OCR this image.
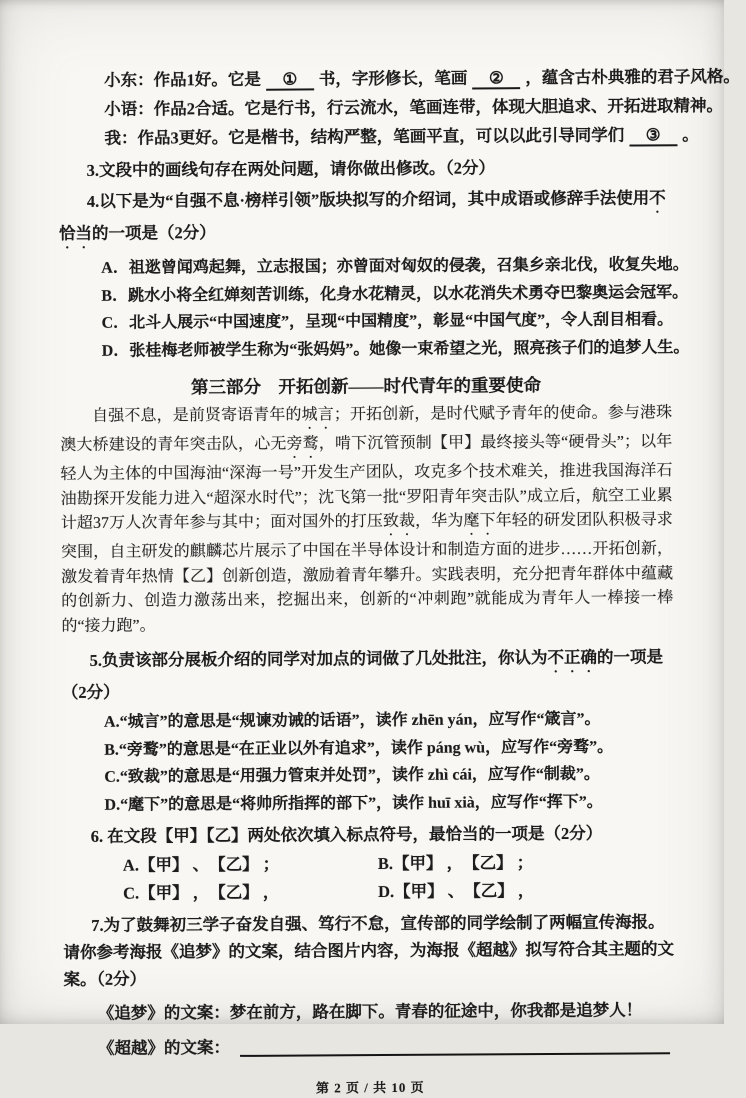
小东：作品1好。它是 ① 书，字形修长，笔画 ② ，蕴含古朴典雅的君子风格。
小语：作品2合适。它是行书，行云流水，笔画连带，体现大胆追求、开拓进取精神。
我：作品3更好。它是楷书，结构严整，笔画平直，可以以此引导同学们 ③ 。

3.文段中的画线句存在两处问题，请你做出修改。（2分）

4.以下是为“自强不息·榜样引领”版块拟写的介绍词，其中成语或修辞手法使用不恰当的一项是（2分）

A．祖逖曾闻鸡起舞，立志报国；亦曾面对匈奴的侵袭，召集乡亲北伐，收复失地。
B．跳水小将全红婵刻苦训练，化身水花精灵，以水花消失术勇夺巴黎奥运会冠军。
C．北斗人展示“中国速度”，呈现“中国精度”，彰显“中国气度”，令人刮目相看。
D．张桂梅老师被学生称为“张妈妈”。她像一束希望之光，照亮孩子们的追梦人生。
第三部分　开拓创新——时代青年的重要使命

自强不息，是前贤寄语青年的城言；开拓创新，是时代赋予青年的使命。参与港珠澳大桥建设的青年突击队，心无旁鹜，啃下沉管预制【甲】最终接头等“硬骨头”；以年轻人为主体的中国海油“深海一号”开发生产团队，攻克多个技术难关，推进我国海洋石油勘探开发能力进入“超深水时代”；沈飞第一批“罗阳青年突击队”成立后，航空工业累计超37万人次青年参与其中；面对国外的打压致裁，华为麾下年轻的研发团队积极寻求突围，自主研发的麒麟芯片展示了中国在半导体设计和制造方面的进步……开拓创新，激发着青年热情【乙】创新创造，激励着青年攀升。实践表明，充分把青年群体中蕴藏的创新力、创造力激荡出来，挖掘出来，创新的“冲刺跑”就能成为青年人一棒接一棒的“接力跑”。

5.负责该部分展板介绍的同学对加点的词做了几处批注，你认为不正确的一项是（2分）

A.“城言”的意思是“规谏劝诫的话语”，读作 zhēn yán，应写作“箴言”。
B.“旁鹜”的意思是“在正业以外有追求”，读作 páng wù，应写作“旁骛”。
C.“致裁”的意思是“用强力管束并处罚”，读作 zhì cái，应写作“制裁”。
D.“麾下”的意思是“将帅所指挥的部下”，读作 huī xià，应写作“挥下”。

6. 在文段【甲】【乙】两处依次填入标点符号，最恰当的一项是（2分）

A.【甲】 、　【乙】 ；	B.【甲】 ，　【乙】 ；
C.【甲】 ，　【乙】 ，	D.【甲】 、　【乙】 ，

7.为了鼓舞初三学子奋发自强、笃行不怠，宣传部的同学绘制了两幅宣传海报。请你参考海报《追梦》的文案，结合图片内容，为海报《超越》拟写符合其主题的文案。（2分）

《追梦》的文案： 梦在前方，路在脚下。青春的征途中，你我都是追梦人！

《超越》的文案：

第 2 页 / 共 10 页
